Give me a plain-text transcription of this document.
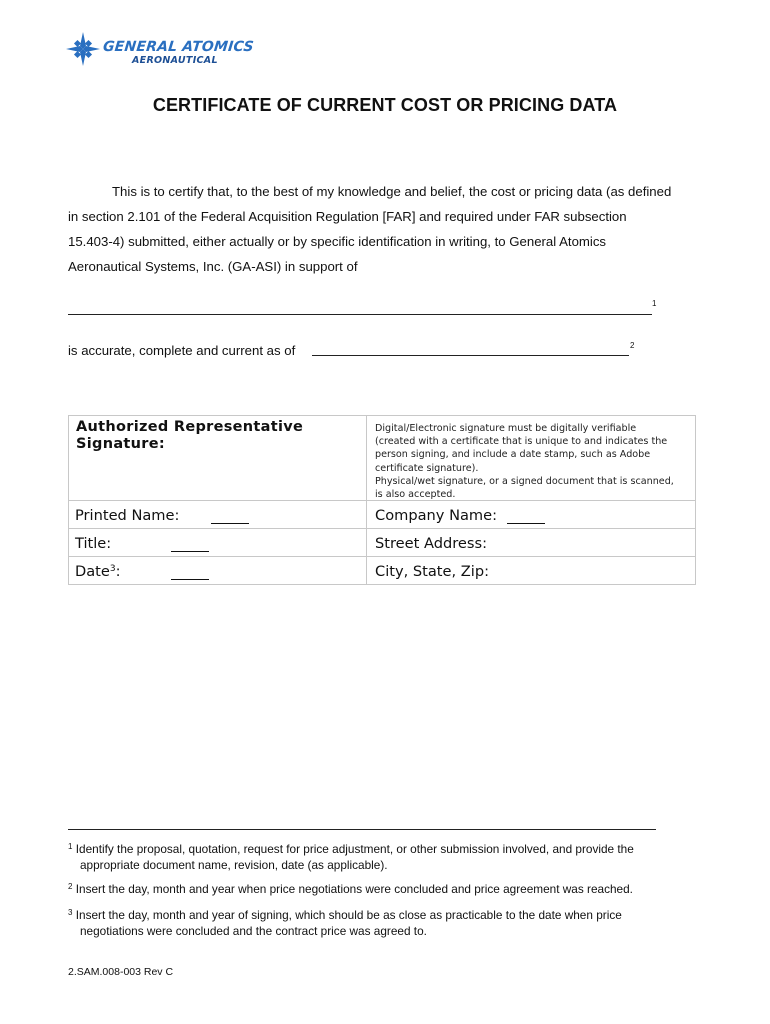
GENERAL ATOMICS
AERONAUTICAL
CERTIFICATE OF CURRENT COST OR PRICING DATA
This is to certify that, to the best of my knowledge and belief, the cost or pricing data (as defined
in section 2.101 of the Federal Acquisition Regulation [FAR] and required under FAR subsection
15.403-4) submitted, either actually or by specific identification in writing, to General Atomics
Aeronautical Systems, Inc. (GA-ASI) in support of
1
is accurate, complete and current as of	2
Authorized Representative Signature:
Digital/Electronic signature must be digitally verifiable
(created with a certificate that is unique to and indicates the
person signing, and include a date stamp, such as Adobe
certificate signature).
Physical/wet signature, or a signed document that is scanned,
is also accepted.
Printed Name:	Company Name:
Title:	Street Address:
Date$^3$:	City, State, Zip:
$^1$ Identify the proposal, quotation, request for price adjustment, or other submission involved, and provide the
appropriate document name, revision, date (as applicable).
$^2$ Insert the day, month and year when price negotiations were concluded and price agreement was reached.
$^3$ Insert the day, month and year of signing, which should be as close as practicable to the date when price
negotiations were concluded and the contract price was agreed to.
2.SAM.008-003 Rev C
